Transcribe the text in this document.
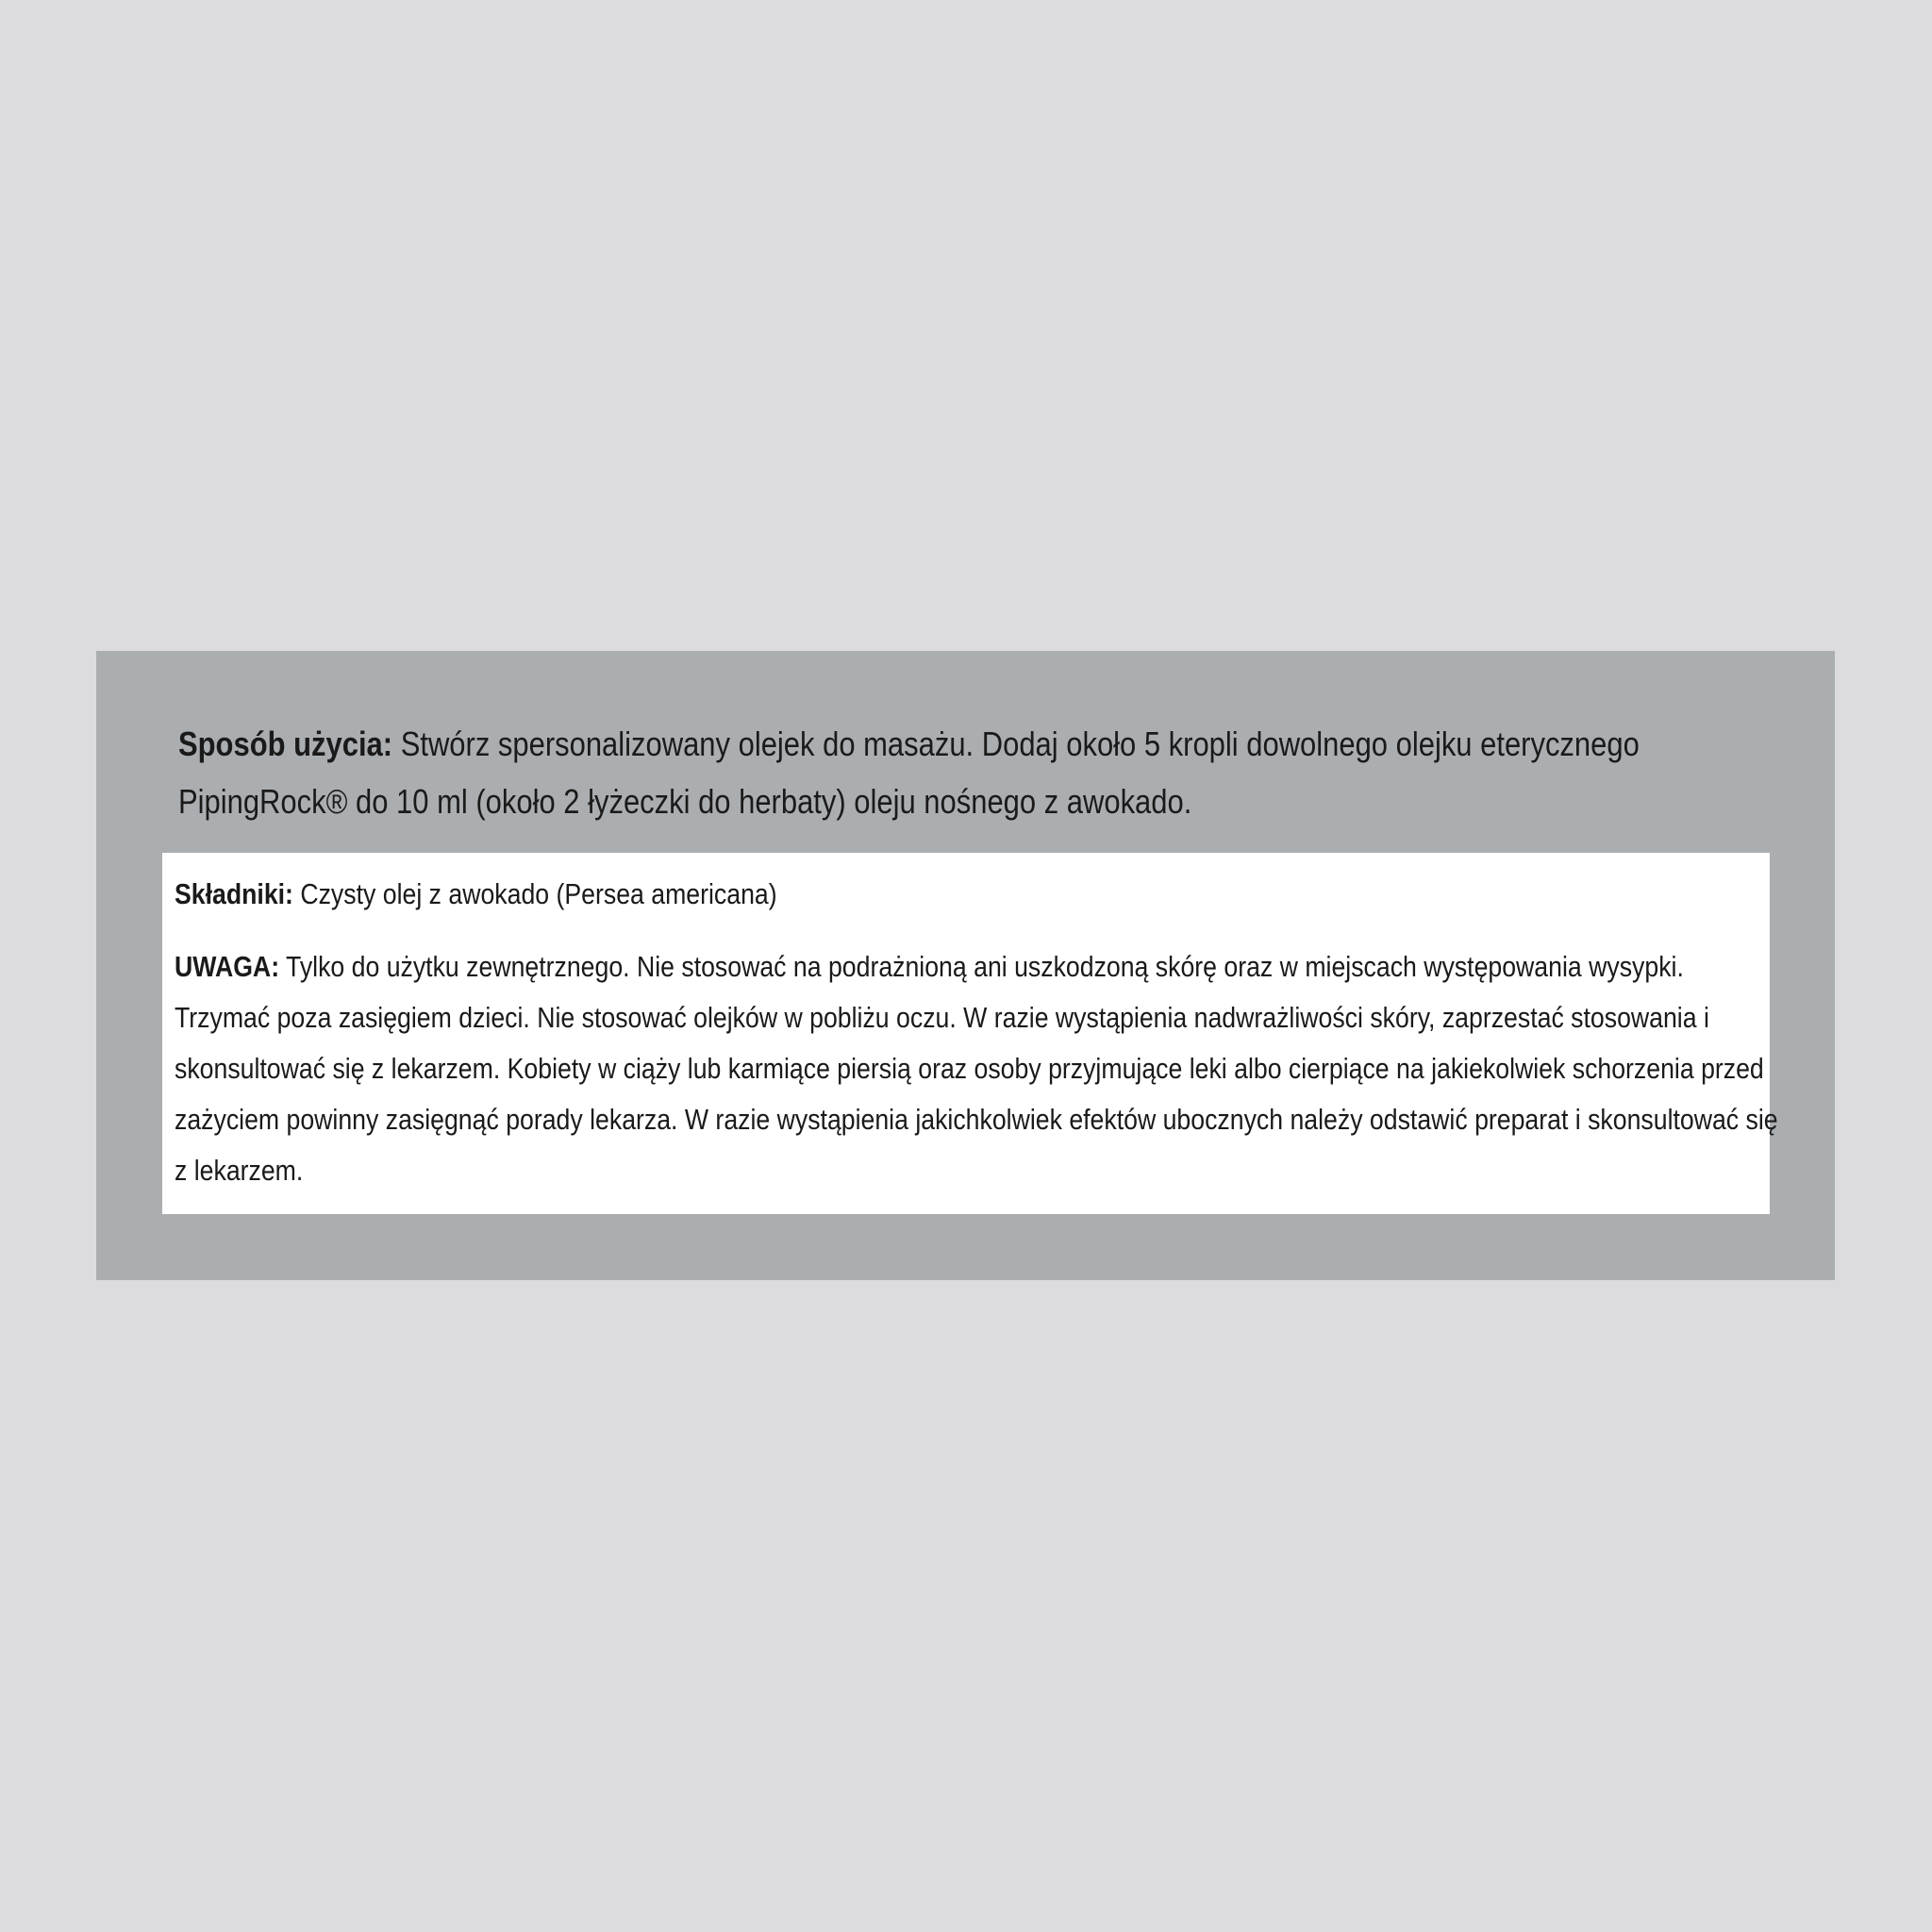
Sposób użycia: Stwórz spersonalizowany olejek do masażu. Dodaj około 5 kropli dowolnego olejku eterycznego PipingRock® do 10 ml (około 2 łyżeczki do herbaty) oleju nośnego z awokado.

Składniki: Czysty olej z awokado (Persea americana)

UWAGA: Tylko do użytku zewnętrznego. Nie stosować na podrażnioną ani uszkodzoną skórę oraz w miejscach występowania wysypki. Trzymać poza zasięgiem dzieci. Nie stosować olejków w pobliżu oczu. W razie wystąpienia nadwrażliwości skóry, zaprzestać stosowania i skonsultować się z lekarzem. Kobiety w ciąży lub karmiące piersią oraz osoby przyjmujące leki albo cierpiące na jakiekolwiek schorzenia przed zażyciem powinny zasięgnąć porady lekarza. W razie wystąpienia jakichkolwiek efektów ubocznych należy odstawić preparat i skonsultować się z lekarzem.
